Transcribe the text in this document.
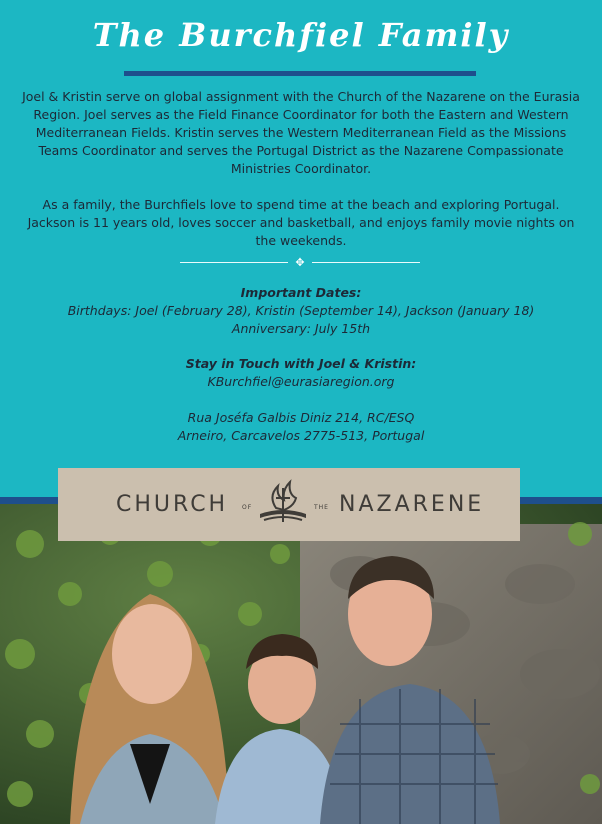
The Burchfiel Family

Joel & Kristin serve on global assignment with the Church of the Nazarene on the Eurasia Region. Joel serves as the Field Finance Coordinator for both the Eastern and Western Mediterranean Fields. Kristin serves the Western Mediterranean Field as the Missions Teams Coordinator and serves the Portugal District as the Nazarene Compassionate Ministries Coordinator.

As a family, the Burchfiels love to spend time at the beach and exploring Portugal. Jackson is 11 years old, loves soccer and basketball, and enjoys family movie nights on the weekends.

✥
Important Dates:
Birthdays: Joel (February 28), Kristin (September 14), Jackson (January 18)
Anniversary: July 15th
Stay in Touch with Joel & Kristin:
KBurchfiel@eurasiaregion.org
Rua Joséfa Galbis Diniz 214, RC/ESQ
Arneiro, Carcavelos 2775-513, Portugal
CHURCH OF	THE NAZARENE
